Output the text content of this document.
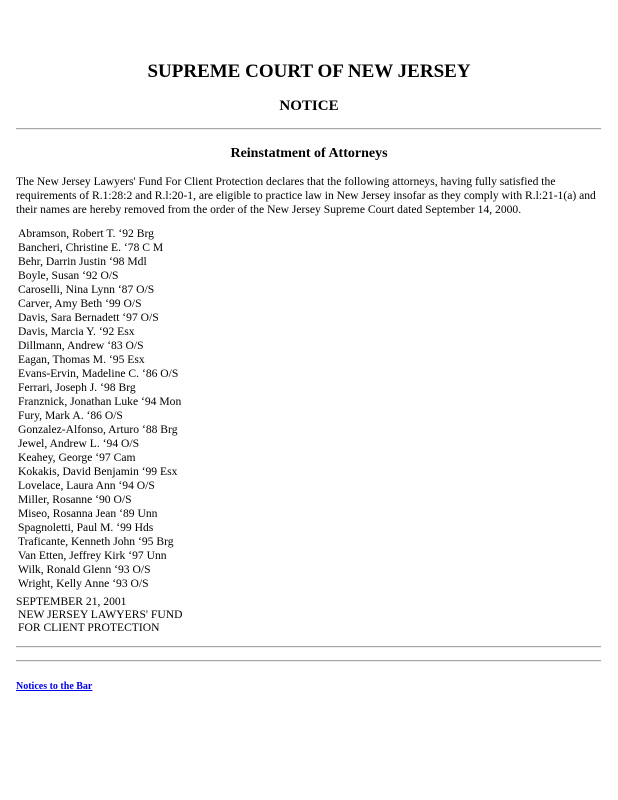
SUPREME COURT OF NEW JERSEY
NOTICE
Reinstatment of Attorneys

The New Jersey Lawyers' Fund For Client Protection declares that the following attorneys, having fully satisfied the requirements of R.1:28:2 and R.l:20-1, are eligible to practice law in New Jersey insofar as they comply with R.l:21-1(a) and their names are hereby removed from the order of the New Jersey Supreme Court dated September 14, 2000.

Abramson, Robert T. ‘92 Brg
Bancheri, Christine E. ‘78 C M
Behr, Darrin Justin ‘98 Mdl
Boyle, Susan ‘92 O/S
Caroselli, Nina Lynn ‘87 O/S
Carver, Amy Beth ‘99 O/S
Davis, Sara Bernadett ‘97 O/S
Davis, Marcia Y. ‘92 Esx
Dillmann, Andrew ‘83 O/S
Eagan, Thomas M. ‘95 Esx
Evans-Ervin, Madeline C. ‘86 O/S
Ferrari, Joseph J. ‘98 Brg
Franznick, Jonathan Luke ‘94 Mon
Fury, Mark A. ‘86 O/S
Gonzalez-Alfonso, Arturo ‘88 Brg
Jewel, Andrew L. ‘94 O/S
Keahey, George ‘97 Cam
Kokakis, David Benjamin ‘99 Esx
Lovelace, Laura Ann ‘94 O/S
Miller, Rosanne ‘90 O/S
Miseo, Rosanna Jean ‘89 Unn
Spagnoletti, Paul M. ‘99 Hds
Traficante, Kenneth John ‘95 Brg
Van Etten, Jeffrey Kirk ‘97 Unn
Wilk, Ronald Glenn ‘93 O/S
Wright, Kelly Anne ‘93 O/S
SEPTEMBER 21, 2001
NEW JERSEY LAWYERS' FUND
FOR CLIENT PROTECTION
Notices to the Bar
